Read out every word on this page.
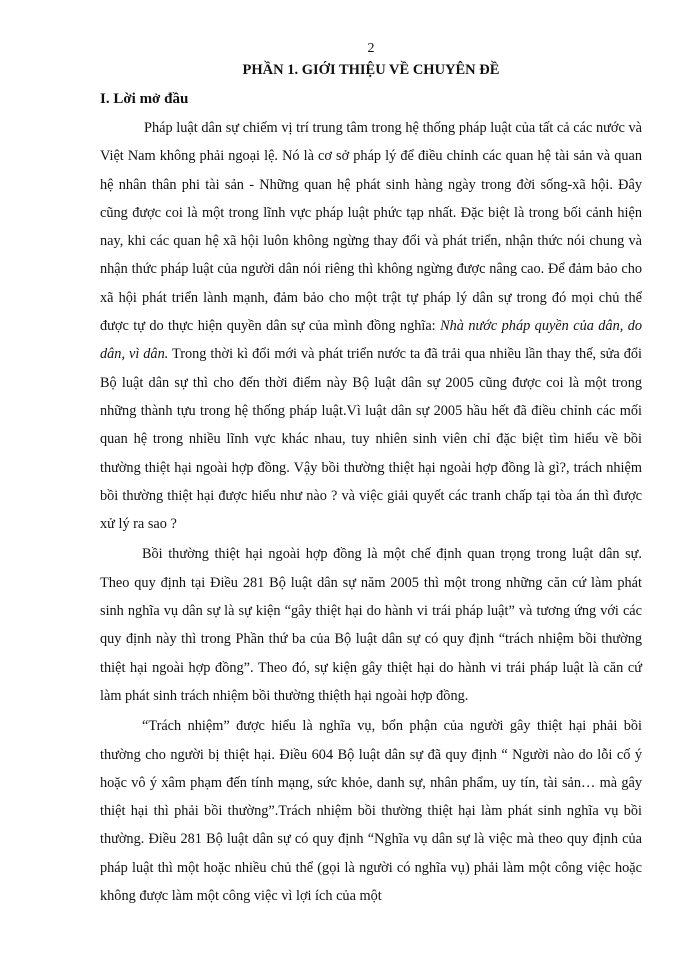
2
PHẦN 1. GIỚI THIỆU VỀ CHUYÊN ĐỀ
I. Lời mở đầu

Pháp luật dân sự chiếm vị trí trung tâm trong hệ thống pháp luật của tất cả các nước và Việt Nam không phải ngoại lệ. Nó là cơ sở pháp lý để điều chỉnh các quan hệ tài sản và quan hệ nhân thân phi tài sản - Những quan hệ phát sinh hàng ngày trong đời sống-xã hội. Đây cũng được coi là một trong lĩnh vực pháp luật phức tạp nhất. Đặc biệt là trong bối cảnh hiện nay, khi các quan hệ xã hội luôn không ngừng thay đổi và phát triển, nhận thức nói chung và nhận thức pháp luật của người dân nói riêng thì không ngừng được nâng cao. Để đảm bảo cho xã hội phát triển lành mạnh, đảm bảo cho một trật tự pháp lý dân sự trong đó mọi chủ thể được tự do thực hiện quyền dân sự của mình đồng nghĩa: Nhà nước pháp quyền của dân, do dân, vì dân. Trong thời kì đổi mới và phát triển nước ta đã trải qua nhiều lần thay thế, sửa đổi Bộ luật dân sự thì cho đến thời điểm này Bộ luật dân sự 2005 cũng được coi là một trong những thành tựu trong hệ thống pháp luật.Vì luật dân sự 2005 hầu hết đã điều chỉnh các mối quan hệ trong nhiều lĩnh vực khác nhau, tuy nhiên sinh viên chỉ đặc biệt tìm hiểu về bồi thường thiệt hại ngoài hợp đồng. Vậy bồi thường thiệt hại ngoài hợp đồng là gì?, trách nhiệm bồi thường thiệt hại được hiểu như nào ? và việc giải quyết các tranh chấp tại tòa án thì được xử lý ra sao ?

Bồi thường thiệt hại ngoài hợp đồng là một chế định quan trọng trong luật dân sự. Theo quy định tại Điều 281 Bộ luật dân sự năm 2005 thì một trong những căn cứ làm phát sinh nghĩa vụ dân sự là sự kiện “gây thiệt hại do hành vi trái pháp luật” và tương ứng với các quy định này thì trong Phần thứ ba của Bộ luật dân sự có quy định “trách nhiệm bồi thường thiệt hại ngoài hợp đồng”. Theo đó, sự kiện gây thiệt hại do hành vi trái pháp luật là căn cứ làm phát sinh trách nhiệm bồi thường thiệth hại ngoài hợp đồng.

“Trách nhiệm” được hiểu là nghĩa vụ, bổn phận của người gây thiệt hại phải bồi thường cho người bị thiệt hại. Điều 604 Bộ luật dân sự đã quy định “ Người nào do lỗi cố ý hoặc vô ý xâm phạm đến tính mạng, sức khỏe, danh sự, nhân phẩm, uy tín, tài sản… mà gây thiệt hại thì phải bồi thường”.Trách nhiệm bồi thường thiệt hại làm phát sinh nghĩa vụ bồi thường. Điều 281 Bộ luật dân sự có quy định “Nghĩa vụ dân sự là việc mà theo quy định của pháp luật thì một hoặc nhiều chủ thể (gọi là người có nghĩa vụ) phải làm một công việc hoặc không được làm một công việc vì lợi ích của một
